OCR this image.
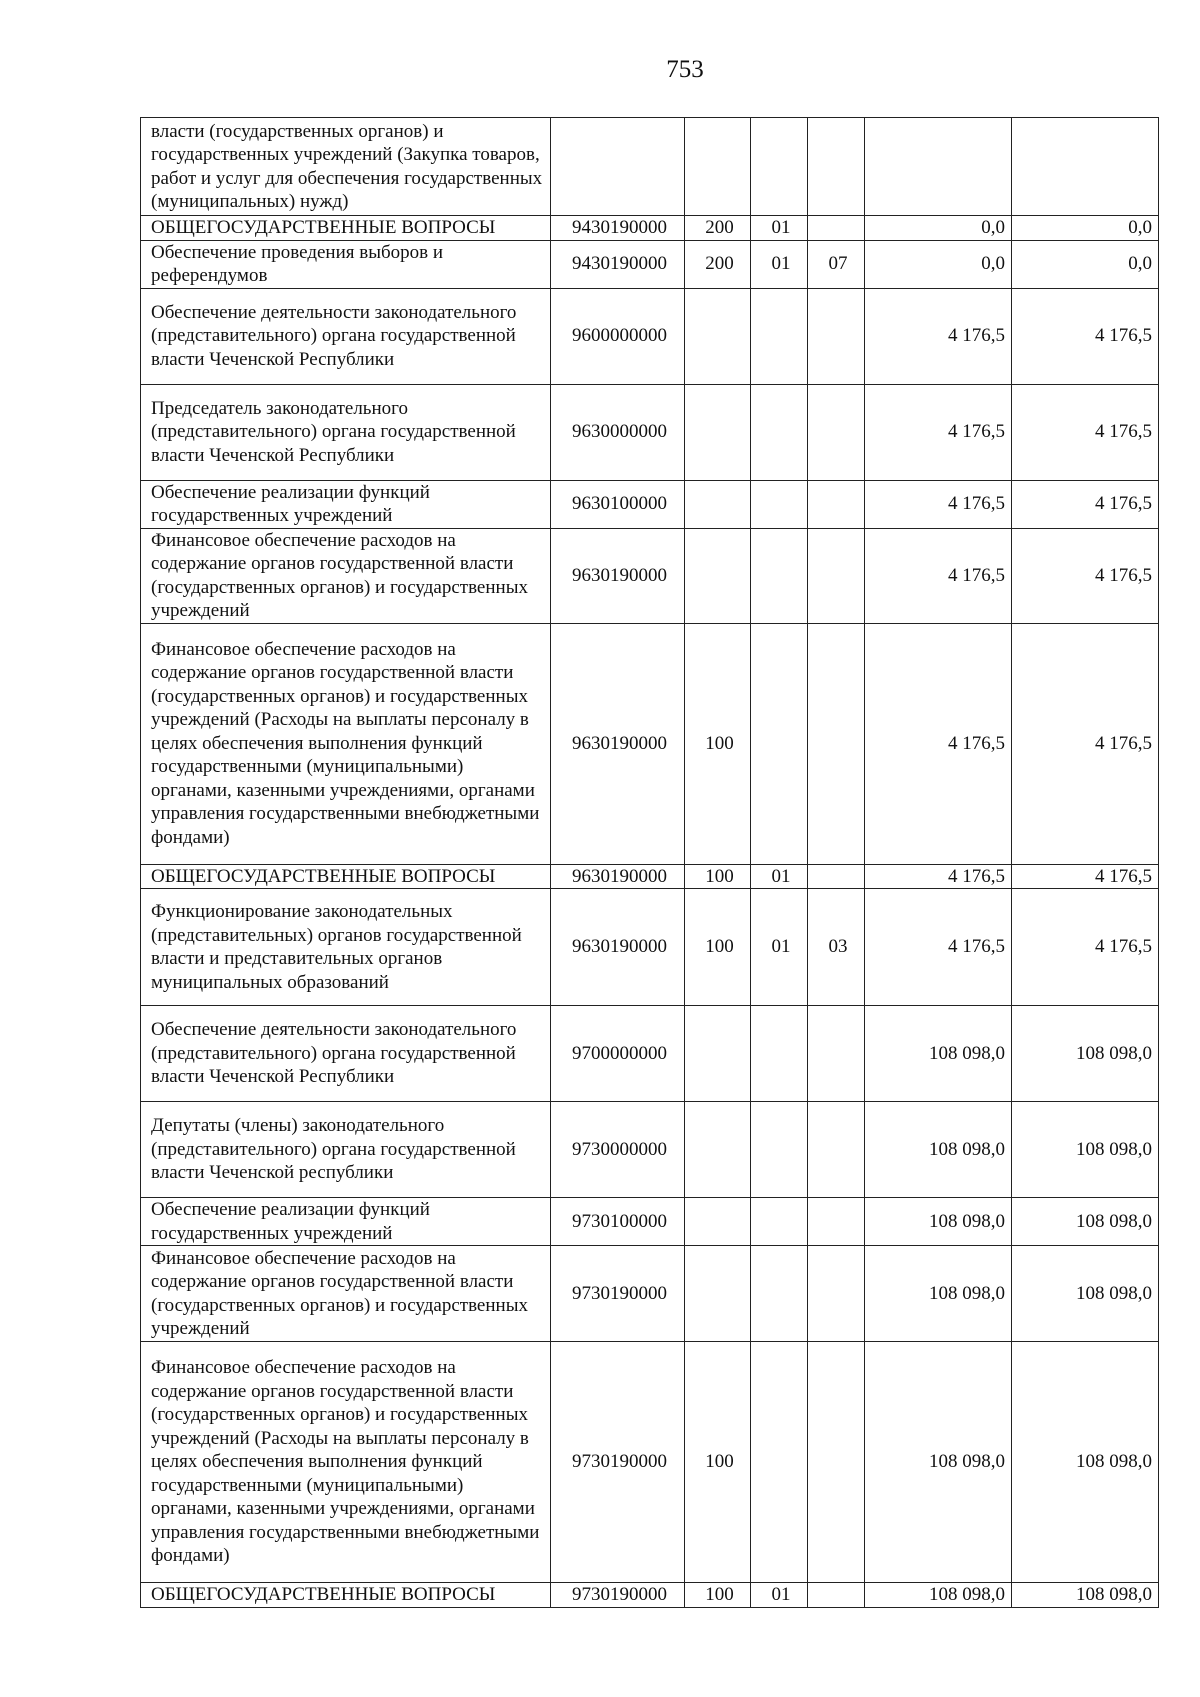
753
власти (государственных органов) и государственных учреждений (Закупка товаров, работ и услуг для обеспечения государственных (муниципальных) нужд)						
ОБЩЕГОСУДАРСТВЕННЫЕ ВОПРОСЫ	9430190000	200	01		0,0	0,0
Обеспечение проведения выборов и референдумов	9430190000	200	01	07	0,0	0,0
Обеспечение деятельности законодательного (представительного) органа государственной власти Чеченской Республики	9600000000				4 176,5	4 176,5
Председатель законодательного (представительного) органа государственной власти Чеченской Республики	9630000000				4 176,5	4 176,5
Обеспечение реализации функций государственных учреждений	9630100000				4 176,5	4 176,5
Финансовое обеспечение расходов на содержание органов государственной власти (государственных органов) и государственных учреждений	9630190000				4 176,5	4 176,5
Финансовое обеспечение расходов на содержание органов государственной власти (государственных органов) и государственных учреждений (Расходы на выплаты персоналу в целях обеспечения выполнения функций государственными (муниципальными) органами, казенными учреждениями, органами управления государственными внебюджетными фондами)	9630190000	100			4 176,5	4 176,5
ОБЩЕГОСУДАРСТВЕННЫЕ ВОПРОСЫ	9630190000	100	01		4 176,5	4 176,5
Функционирование законодательных (представительных) органов государственной власти и представительных органов муниципальных образований	9630190000	100	01	03	4 176,5	4 176,5
Обеспечение деятельности законодательного (представительного) органа государственной власти Чеченской Республики	9700000000				108 098,0	108 098,0
Депутаты (члены) законодательного (представительного) органа государственной власти Чеченской республики	9730000000				108 098,0	108 098,0
Обеспечение реализации функций государственных учреждений	9730100000				108 098,0	108 098,0
Финансовое обеспечение расходов на содержание органов государственной власти (государственных органов) и государственных учреждений	9730190000				108 098,0	108 098,0
Финансовое обеспечение расходов на содержание органов государственной власти (государственных органов) и государственных учреждений (Расходы на выплаты персоналу в целях обеспечения выполнения функций государственными (муниципальными) органами, казенными учреждениями, органами управления государственными внебюджетными фондами)	9730190000	100			108 098,0	108 098,0
ОБЩЕГОСУДАРСТВЕННЫЕ ВОПРОСЫ	9730190000	100	01		108 098,0	108 098,0
